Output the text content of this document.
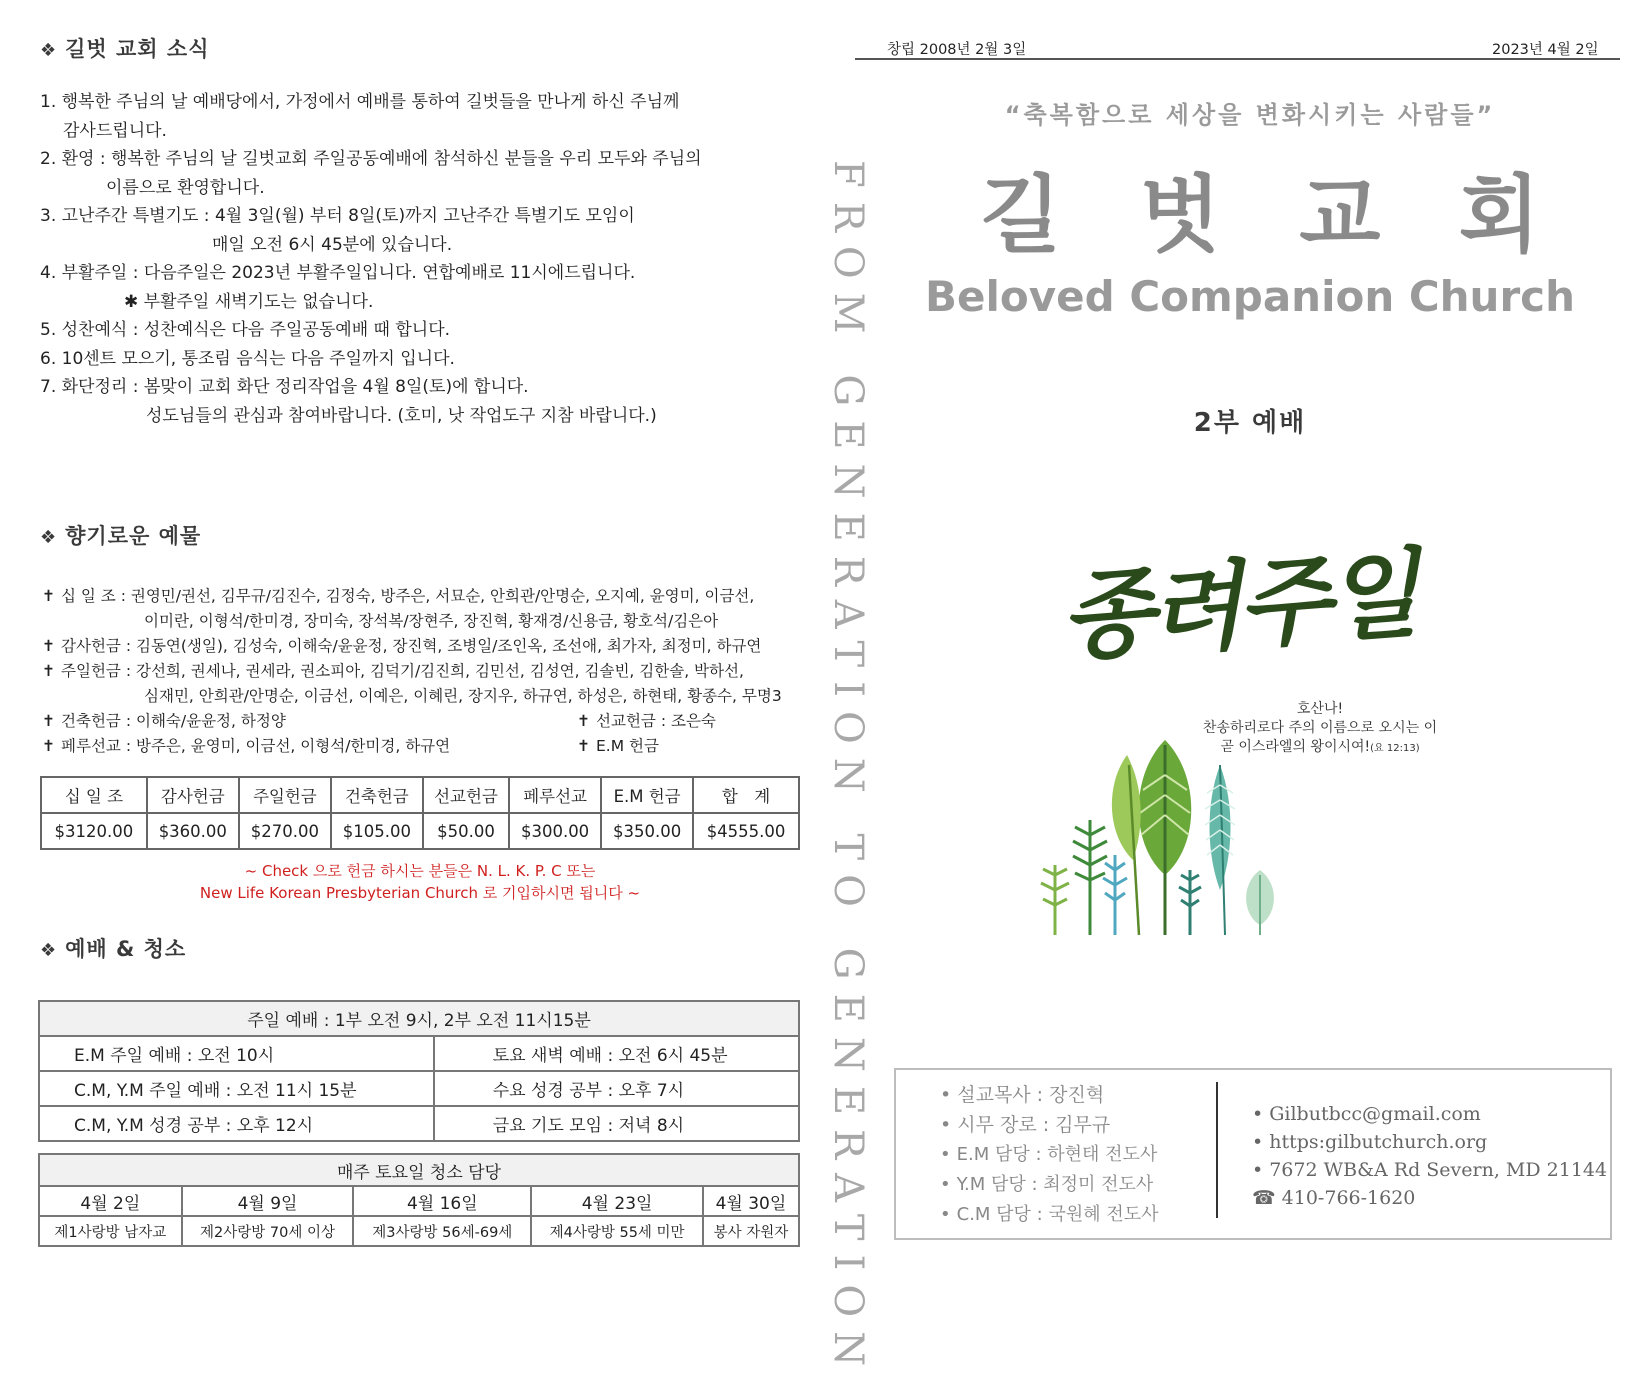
❖ 길벗 교회 소식
1. 행복한 주님의 날 예배당에서, 가정에서 예배를 통하여 길벗들을 만나게 하신 주님께
감사드립니다.
2. 환영 : 행복한 주님의 날 길벗교회 주일공동예배에 참석하신 분들을 우리 모두와 주님의
이름으로 환영합니다.
3. 고난주간 특별기도 : 4월 3일(월) 부터 8일(토)까지 고난주간 특별기도 모임이
매일 오전 6시 45분에 있습니다.
4. 부활주일 : 다음주일은 2023년 부활주일입니다. 연합예배로 11시에드립니다.
✱ 부활주일 새벽기도는 없습니다.
5. 성찬예식 : 성찬예식은 다음 주일공동예배 때 합니다.
6. 10센트 모으기, 통조림 음식는 다음 주일까지 입니다.
7. 화단정리 : 봄맞이 교회 화단 정리작업을 4월 8일(토)에 합니다.
성도님들의 관심과 참여바랍니다. (호미, 낫 작업도구 지참 바랍니다.)
❖ 향기로운 예물
✝ 십 일 조 : 권영민/권선, 김무규/김진수, 김정숙, 방주은, 서묘순, 안희관/안명순, 오지예, 윤영미, 이금선,
이미란, 이형석/한미경, 장미숙, 장석복/장현주, 장진혁, 황재경/신용금, 황호석/김은아
✝ 감사헌금 : 김동연(생일), 김성숙, 이해숙/윤윤정, 장진혁, 조병일/조인옥, 조선애, 최가자, 최정미, 하규연
✝ 주일헌금 : 강선희, 권세나, 권세라, 권소피아, 김덕기/김진희, 김민선, 김성연, 김솔빈, 김한솔, 박하선,
심재민, 안희관/안명순, 이금선, 이예은, 이혜린, 장지우, 하규연, 하성은, 하현태, 황종수, 무명3
✝ 건축헌금 : 이해숙/윤윤정, 하정양	✝ 선교헌금 : 조은숙
✝ 페루선교 : 방주은, 윤영미, 이금선, 이형석/한미경, 하규연	✝ E.M 헌금
십 일 조	감사헌금	주일헌금	건축헌금	선교헌금	페루선교	E.M 헌금	합　계
$3120.00	$360.00	$270.00	$105.00	$50.00	$300.00	$350.00	$4555.00
~ Check 으로 헌금 하시는 분들은 N. L. K. P. C 또는
New Life Korean Presbyterian Church 로 기입하시면 됩니다 ~
❖ 예배 & 청소
주일 예배 : 1부 오전 9시, 2부 오전 11시15분	
E.M 주일 예배 : 오전 10시	토요 새벽 예배 : 오전 6시 45분
C.M, Y.M 주일 예배 : 오전 11시 15분	수요 성경 공부 : 오후 7시
C.M, Y.M 성경 공부 : 오후 12시	금요 기도 모임 : 저녁 8시
매주 토요일 청소 담당				
4월 2일	4월 9일	4월 16일	4월 23일	4월 30일
제1사랑방 남자교	제2사랑방 70세 이상	제3사랑방 56세-69세	제4사랑방 55세 미만	봉사 자원자 FROM GENERATION TO GENERATION
창립 2008년 2월 3일	2023년 4월 2일
“축복함으로 세상을 변화시키는 사람들”
길 벗 교 회
Beloved Companion Church
2부 예배
종려주일
호산나!
찬송하리로다 주의 이름으로 오시는 이
곧 이스라엘의 왕이시여!(요 12:13)
• 설교목사 : 장진혁
• 시무 장로 : 김무규
• E.M 담당 : 하현태 전도사
• Y.M 담당 : 최정미 전도사
• C.M 담당 : 국원혜 전도사
• Gilbutbcc@gmail.com
• https:gilbutchurch.org
• 7672 WB&A Rd Severn, MD 21144
☎ 410-766-1620
